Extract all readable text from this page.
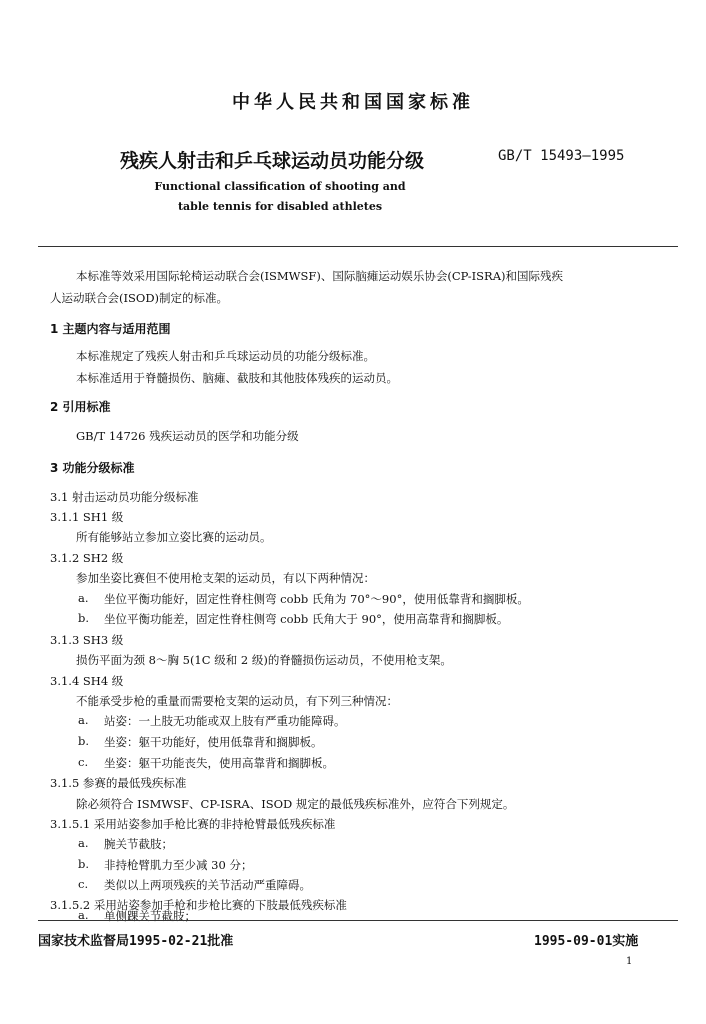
中华人民共和国国家标准
残疾人射击和乒乓球运动员功能分级	GB/T 15493—1995
Functional classification of shooting and
table tennis for disabled athletes
本标准等效采用国际轮椅运动联合会(ISMWSF)、国际脑瘫运动娱乐协会(CP-ISRA)和国际残疾
人运动联合会(ISOD)制定的标准。
1 主题内容与适用范围
本标准规定了残疾人射击和乒乓球运动员的功能分级标准。
本标准适用于脊髓损伤、脑瘫、截肢和其他肢体残疾的运动员。
2 引用标准
GB/T 14726 残疾运动员的医学和功能分级
3 功能分级标准
3.1 射击运动员功能分级标准
3.1.1 SH1 级
所有能够站立参加立姿比赛的运动员。
3.1.2 SH2 级
参加坐姿比赛但不使用枪支架的运动员，有以下两种情况：
a. 坐位平衡功能好，固定性脊柱侧弯 cobb 氏角为 70°～90°，使用低靠背和搁脚板。
b. 坐位平衡功能差，固定性脊柱侧弯 cobb 氏角大于 90°，使用高靠背和搁脚板。
3.1.3 SH3 级
损伤平面为颈 8～胸 5(1C 级和 2 级)的脊髓损伤运动员，不使用枪支架。
3.1.4 SH4 级
不能承受步枪的重量而需要枪支架的运动员，有下列三种情况：
a. 站姿：一上肢无功能或双上肢有严重功能障碍。
b. 坐姿：躯干功能好，使用低靠背和搁脚板。
c. 坐姿：躯干功能丧失，使用高靠背和搁脚板。
3.1.5 参赛的最低残疾标准
除必须符合 ISMWSF、CP-ISRA、ISOD 规定的最低残疾标准外，应符合下列规定。
3.1.5.1 采用站姿参加手枪比赛的非持枪臂最低残疾标准
a. 腕关节截肢；
b. 非持枪臂肌力至少减 30 分；
c. 类似以上两项残疾的关节活动严重障碍。
3.1.5.2 采用站姿参加手枪和步枪比赛的下肢最低残疾标准
a. 单侧踝关节截肢；
国家技术监督局1995-02-21批准	1995-09-01实施
1
